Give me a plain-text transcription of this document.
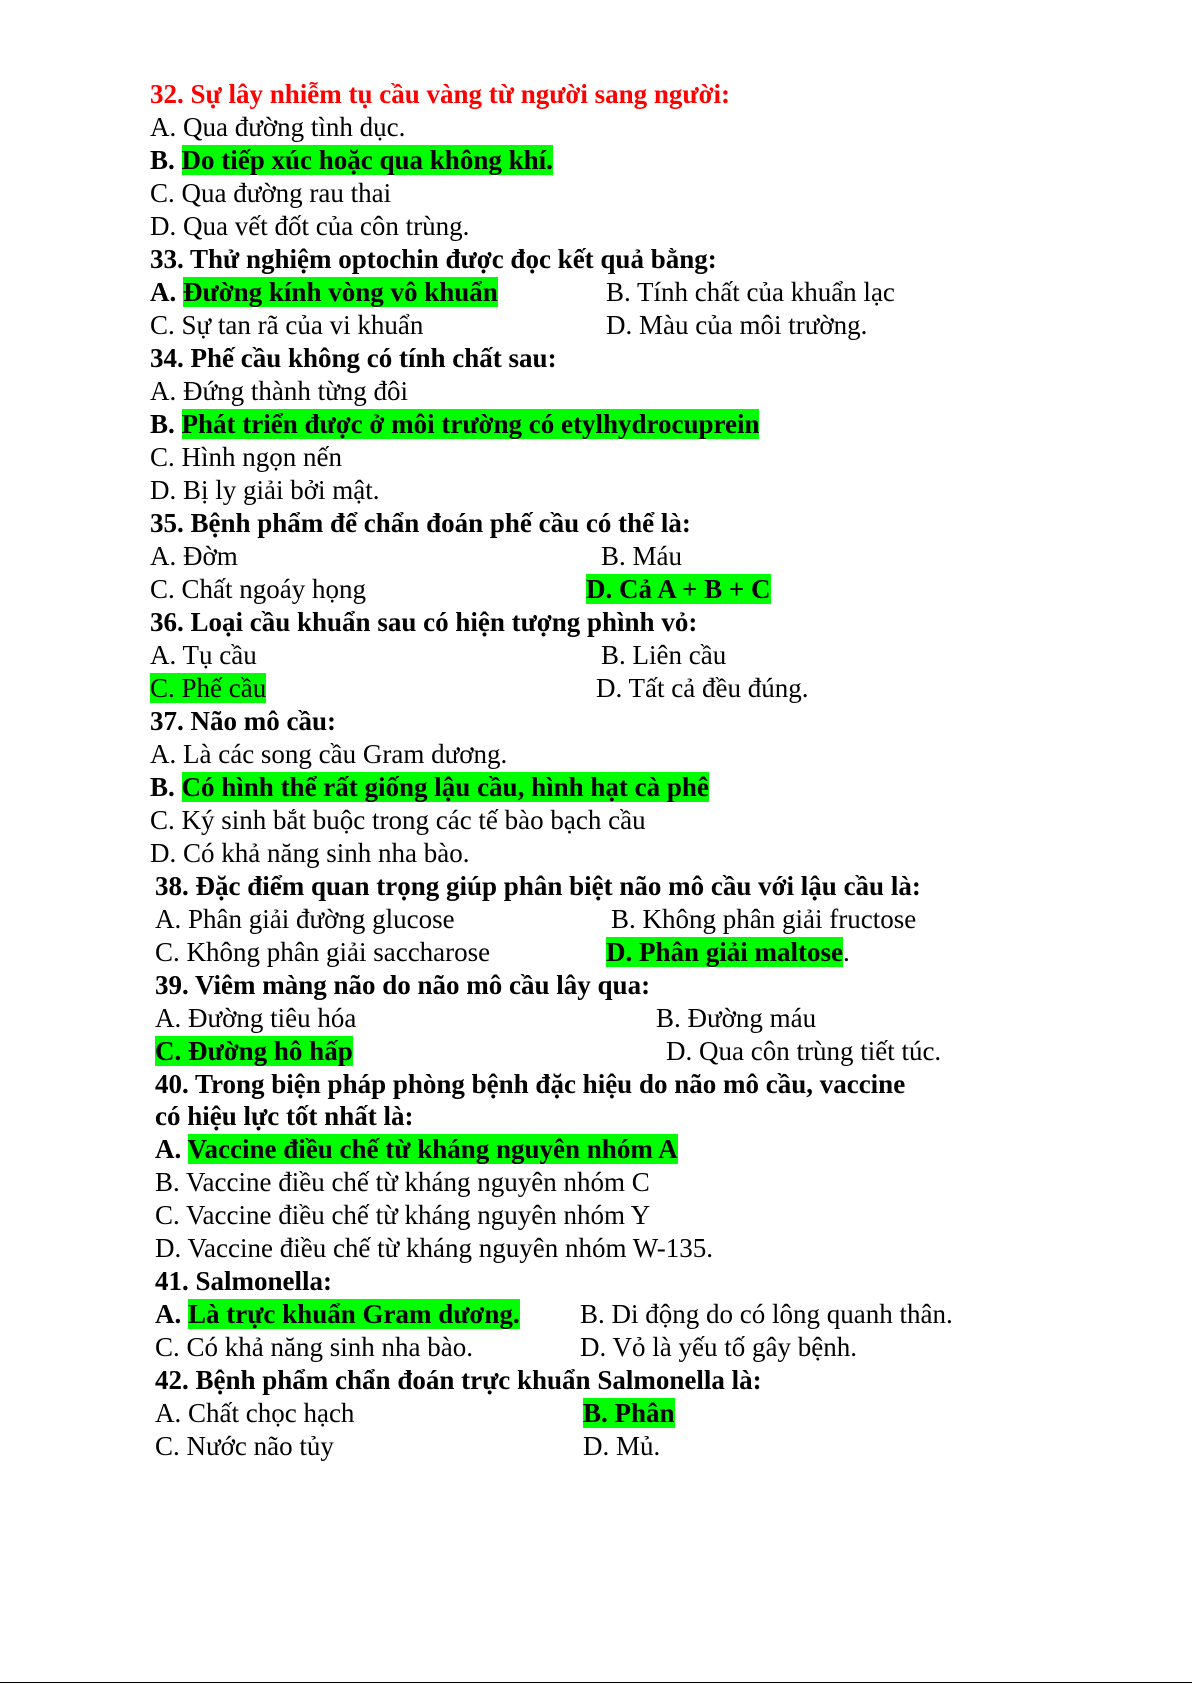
32. Sự lây nhiễm tụ cầu vàng từ người sang người:
A. Qua đường tình dục.
B. Do tiếp xúc hoặc qua không khí.
C. Qua đường rau thai
D. Qua vết đốt của côn trùng.
33. Thử nghiệm optochin được đọc kết quả bằng:
A. Đường kính vòng vô khuẩn	B. Tính chất của khuẩn lạc
C. Sự tan rã của vi khuẩn	D. Màu của môi trường.
34. Phế cầu không có tính chất sau:
A. Đứng thành từng đôi
B. Phát triển được ở môi trường có etylhydrocuprein
C. Hình ngọn nến
D. Bị ly giải bởi mật.
35. Bệnh phẩm để chẩn đoán phế cầu có thể là:
A. Đờm	B. Máu
C. Chất ngoáy họng	D. Cả A + B + C
36. Loại cầu khuẩn sau có hiện tượng phình vỏ:
A. Tụ cầu	B. Liên cầu
C. Phế cầu	D. Tất cả đều đúng.
37. Não mô cầu:
A. Là các song cầu Gram dương.
B. Có hình thể rất giống lậu cầu, hình hạt cà phê
C. Ký sinh bắt buộc trong các tế bào bạch cầu
D. Có khả năng sinh nha bào.
38. Đặc điểm quan trọng giúp phân biệt não mô cầu với lậu cầu là:
A. Phân giải đường glucose	B. Không phân giải fructose
C. Không phân giải saccharose	D. Phân giải maltose.
39. Viêm màng não do não mô cầu lây qua:
A. Đường tiêu hóa	B. Đường máu
C. Đường hô hấp	D. Qua côn trùng tiết túc.
40. Trong biện pháp phòng bệnh đặc hiệu do não mô cầu, vaccine
có hiệu lực tốt nhất là:
A. Vaccine điều chế từ kháng nguyên nhóm A
B. Vaccine điều chế từ kháng nguyên nhóm C
C. Vaccine điều chế từ kháng nguyên nhóm Y
D. Vaccine điều chế từ kháng nguyên nhóm W-135.
41. Salmonella:
A. Là trực khuẩn Gram dương. B. Di động do có lông quanh thân.
C. Có khả năng sinh nha bào.	D. Vỏ là yếu tố gây bệnh.
42. Bệnh phẩm chẩn đoán trực khuẩn Salmonella là:
A. Chất chọc hạch	B. Phân
C. Nước não tủy	D. Mủ.
